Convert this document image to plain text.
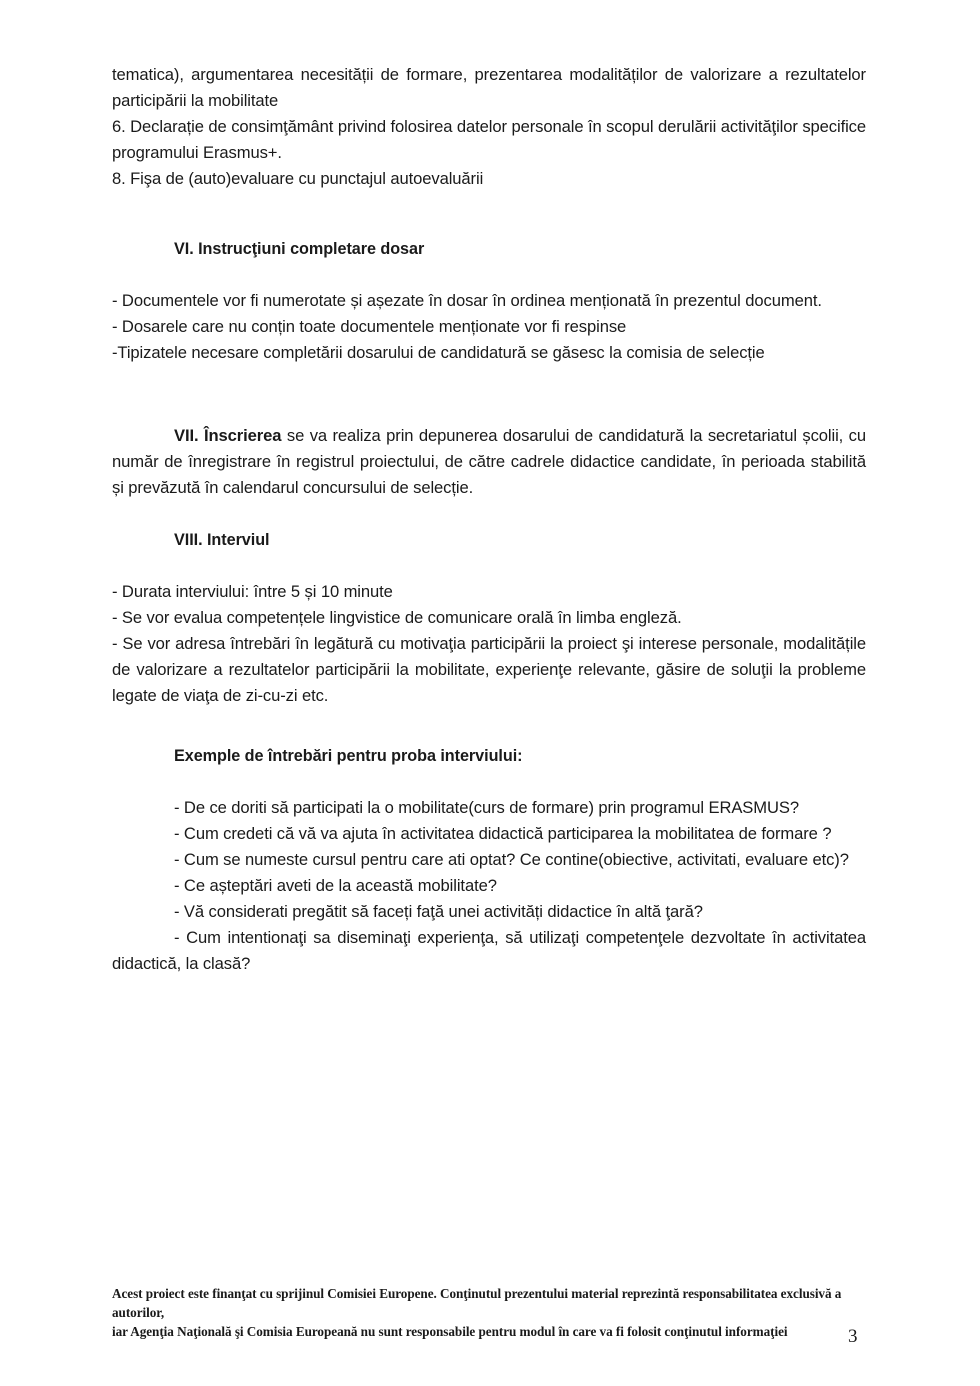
tematica), argumentarea necesității de formare, prezentarea modalităților de valorizare a rezultatelor participării la mobilitate

6. Declarație de consimţământ privind folosirea datelor personale în scopul derulării activităţilor specifice programului Erasmus+.

8. Fişa de (auto)evaluare cu punctajul autoevaluării

VI. Instrucţiuni completare dosar

- Documentele vor fi numerotate și așezate în dosar în ordinea menționată în prezentul document.

- Dosarele care nu conțin toate documentele menționate vor fi respinse

-Tipizatele necesare completării dosarului de candidatură se găsesc la comisia de selecție

VII. Înscrierea se va realiza prin depunerea dosarului de candidatură la secretariatul școlii, cu număr de înregistrare în registrul proiectului, de către cadrele didactice candidate, în perioada stabilită și prevăzută în calendarul concursului de selecție.

VIII. Interviul

- Durata interviului: între 5 și 10 minute

- Se vor evalua competențele lingvistice de comunicare orală în limba engleză.

- Se vor adresa întrebări în legătură cu motivaţia participării la proiect şi interese personale, modalitățile de valorizare a rezultatelor participării la mobilitate, experienţe relevante, găsire de soluţii la probleme legate de viaţa de zi-cu-zi etc.

Exemple de întrebări pentru proba interviului:

- De ce doriti să participati la o mobilitate(curs de formare) prin programul ERASMUS?
- Cum credeti că vă va ajuta în activitatea didactică participarea la mobilitatea de formare ?
- Cum se numeste cursul pentru care ati optat? Ce contine(obiective, activitati, evaluare etc)?
- Ce așteptări aveti de la această mobilitate?
- Vă considerati pregătit să faceți faţă unei activități didactice în altă ţară?
- Cum intentionaţi sa diseminaţi experienţa, să utilizaţi competenţele dezvoltate în activitatea didactică, la clasă?

Acest proiect este finanţat cu sprijinul Comisiei Europene. Conţinutul prezentului material reprezintă responsabilitatea exclusivă a autorilor,

iar Agenţia Naţională şi Comisia Europeană nu sunt responsabile pentru modul în care va fi folosit conţinutul informaţiei	3
